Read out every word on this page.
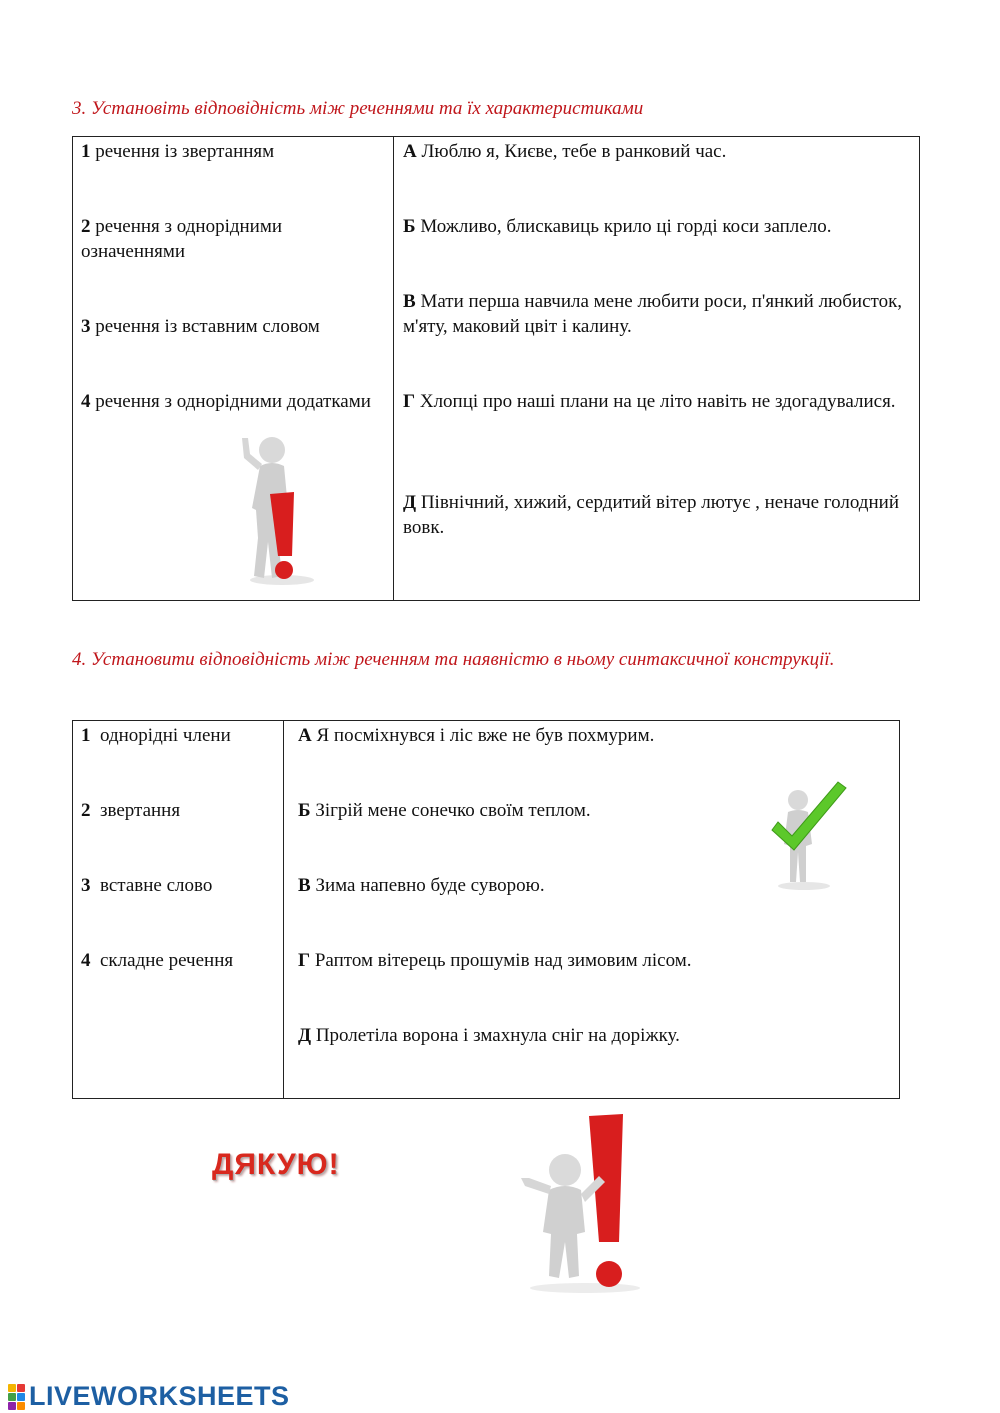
3. Установіть відповідність між реченнями та їх характеристиками

1 речення із звертанням
2 речення з однорідними означеннями
3 речення із вставним словом
4 речення з однорідними додатками
А Люблю я, Києве, тебе в ранковий час.
Б Можливо, блискавиць крило ці горді коси заплело.
В Мати перша навчила мене любити роси, п'янкий любисток, м'яту, маковий цвіт і калину.
Г Хлопці про наші плани на це літо навіть не здогадувалися.
Д Північний, хижий, сердитий вітер лютує , неначе голодний вовк.

4. Установити відповідність між реченням та наявністю в ньому синтаксичної конструкції.

1  однорідні члени
2  звертання
3  вставне слово
4  складне речення
А Я посміхнувся і ліс вже не був похмурим.
Б Зігрій мене сонечко своїм теплом.
В Зима напевно буде суворою.
Г Раптом вітерець прошумів над зимовим лісом.
Д Пролетіла ворона і змахнула сніг на доріжку.
ДЯКУЮ!
LIVEWORKSHEETS
